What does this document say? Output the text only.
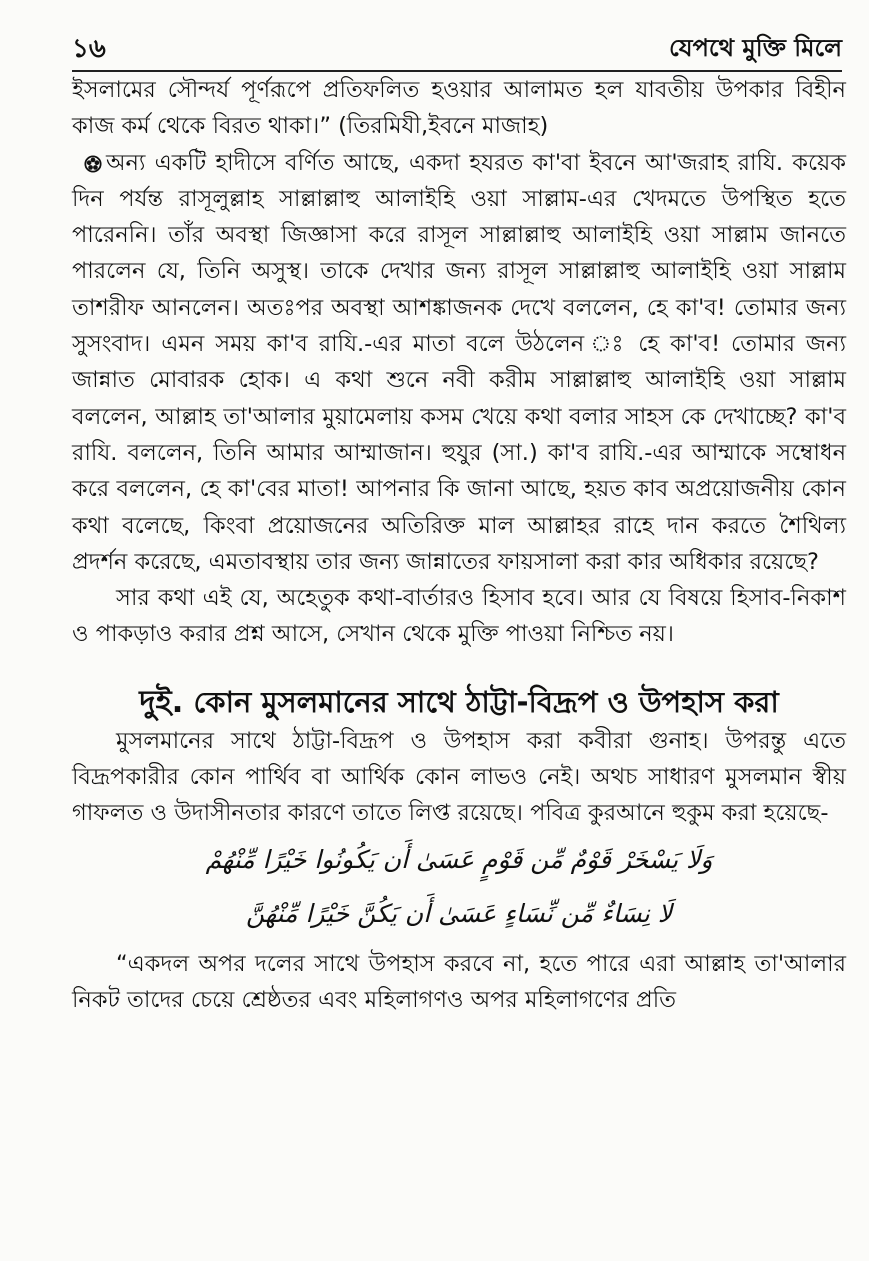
১৬	যেপথে মুক্তি মিলে

ইসলামের সৌন্দর্য পূর্ণরূপে প্রতিফলিত হওয়ার আলামত হল যাবতীয় উপকার বিহীন কাজ কর্ম থেকে বিরত থাকা।” (তিরমিযী,ইবনে মাজাহ)

অন্য একটি হাদীসে বর্ণিত আছে, একদা হযরত কা'বা ইবনে আ'জরাহ রাযি. কয়েক দিন পর্যন্ত রাসূলুল্লাহ সাল্লাল্লাহু আলাইহি ওয়া সাল্লাম-এর খেদমতে উপস্থিত হতে পারেননি। তাঁর অবস্থা জিজ্ঞাসা করে রাসূল সাল্লাল্লাহু আলাইহি ওয়া সাল্লাম জানতে পারলেন যে, তিনি অসুস্থ। তাকে দেখার জন্য রাসূল সাল্লাল্লাহু আলাইহি ওয়া সাল্লাম তাশরীফ আনলেন। অতঃপর অবস্থা আশঙ্কাজনক দেখে বললেন, হে কা'ব! তোমার জন্য সুসংবাদ। এমন সময় কা'ব রাযি.-এর মাতা বলে উঠলেন ঃ হে কা'ব! তোমার জন্য জান্নাত মোবারক হোক। এ কথা শুনে নবী করীম সাল্লাল্লাহু আলাইহি ওয়া সাল্লাম বললেন, আল্লাহ তা'আলার মুয়ামেলায় কসম খেয়ে কথা বলার সাহস কে দেখাচ্ছে? কা'ব রাযি. বললেন, তিনি আমার আম্মাজান। হুযুর (সা.) কা'ব রাযি.-এর আম্মাকে সম্বোধন করে বললেন, হে কা'বের মাতা! আপনার কি জানা আছে, হয়ত কাব অপ্রয়োজনীয় কোন কথা বলেছে, কিংবা প্রয়োজনের অতিরিক্ত মাল আল্লাহর রাহে দান করতে শৈথিল্য প্রদর্শন করেছে, এমতাবস্থায় তার জন্য জান্নাতের ফায়সালা করা কার অধিকার রয়েছে?

সার কথা এই যে, অহেতুক কথা-বার্তারও হিসাব হবে। আর যে বিষয়ে হিসাব-নিকাশ ও পাকড়াও করার প্রশ্ন আসে, সেখান থেকে মুক্তি পাওয়া নিশ্চিত নয়।

দুই. কোন মুসলমানের সাথে ঠাট্টা-বিদ্রূপ ও উপহাস করা

মুসলমানের সাথে ঠাট্টা-বিদ্রূপ ও উপহাস করা কবীরা গুনাহ। উপরন্তু এতে বিদ্রূপকারীর কোন পার্থিব বা আর্থিক কোন লাভও নেই। অথচ সাধারণ মুসলমান স্বীয় গাফলত ও উদাসীনতার কারণে তাতে লিপ্ত রয়েছে। পবিত্র কুরআনে হুকুম করা হয়েছে-

وَلَا يَسْخَرْ قَوْمٌ مِّن قَوْمٍ عَسَىٰ أَن يَكُونُوا خَيْرًا مِّنْهُمْ

لَا نِسَاءٌ مِّن نِّسَاءٍ عَسَىٰ أَن يَكُنَّ خَيْرًا مِّنْهُنَّ

“একদল অপর দলের সাথে উপহাস করবে না, হতে পারে এরা আল্লাহ তা'আলার নিকট তাদের চেয়ে শ্রেষ্ঠতর এবং মহিলাগণও অপর মহিলাগণের প্রতি
